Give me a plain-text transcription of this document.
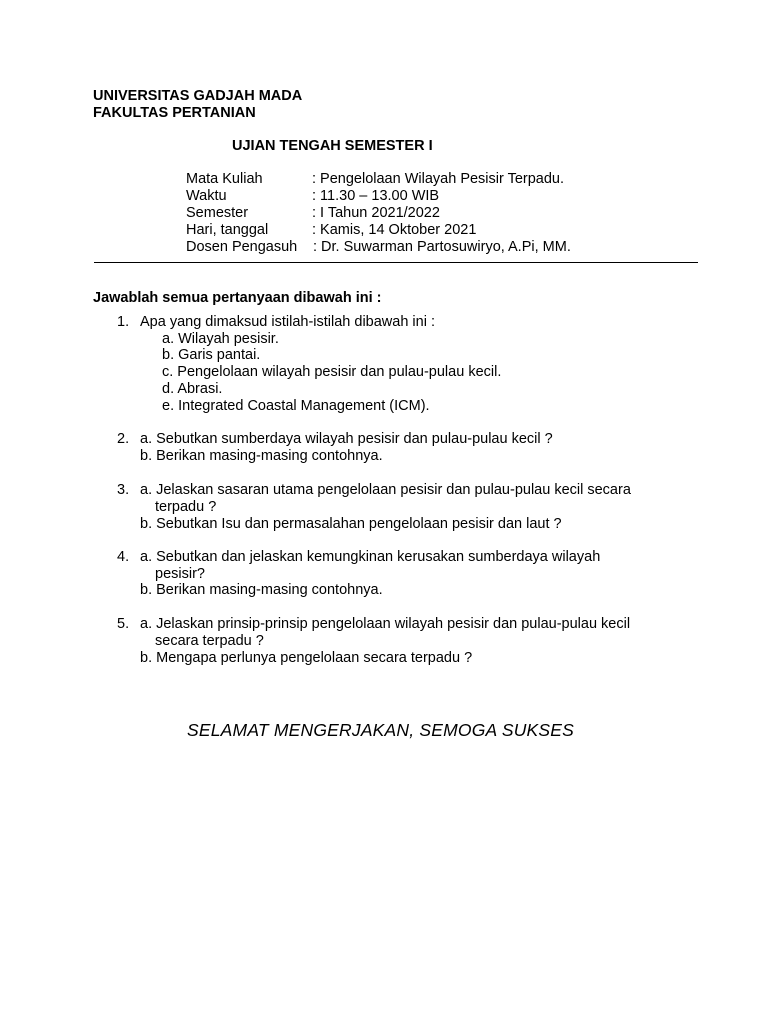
UNIVERSITAS GADJAH MADA
FAKULTAS PERTANIAN
UJIAN TENGAH SEMESTER I
Mata Kuliah	: Pengelolaan Wilayah Pesisir Terpadu.
Waktu	: 11.30 – 13.00 WIB
Semester	: I Tahun 2021/2022
Hari, tanggal	: Kamis, 14 Oktober 2021
Dosen Pengasuh : Dr. Suwarman Partosuwiryo, A.Pi, MM.
Jawablah semua pertanyaan dibawah ini :
1. Apa yang dimaksud istilah-istilah dibawah ini :
a. Wilayah pesisir.
b. Garis pantai.
c. Pengelolaan wilayah pesisir dan pulau-pulau kecil.
d. Abrasi.
e. Integrated Coastal Management (ICM).
2. a. Sebutkan sumberdaya wilayah pesisir dan pulau-pulau kecil ?
b. Berikan masing-masing contohnya.
3. a. Jelaskan sasaran utama pengelolaan pesisir dan pulau-pulau kecil secara
terpadu ?
b. Sebutkan Isu dan permasalahan pengelolaan pesisir dan laut ?
4. a. Sebutkan dan jelaskan kemungkinan kerusakan sumberdaya wilayah
pesisir?
b. Berikan masing-masing contohnya.
5. a. Jelaskan prinsip-prinsip pengelolaan wilayah pesisir dan pulau-pulau kecil
secara terpadu ?
b. Mengapa perlunya pengelolaan secara terpadu ?
SELAMAT MENGERJAKAN, SEMOGA SUKSES
